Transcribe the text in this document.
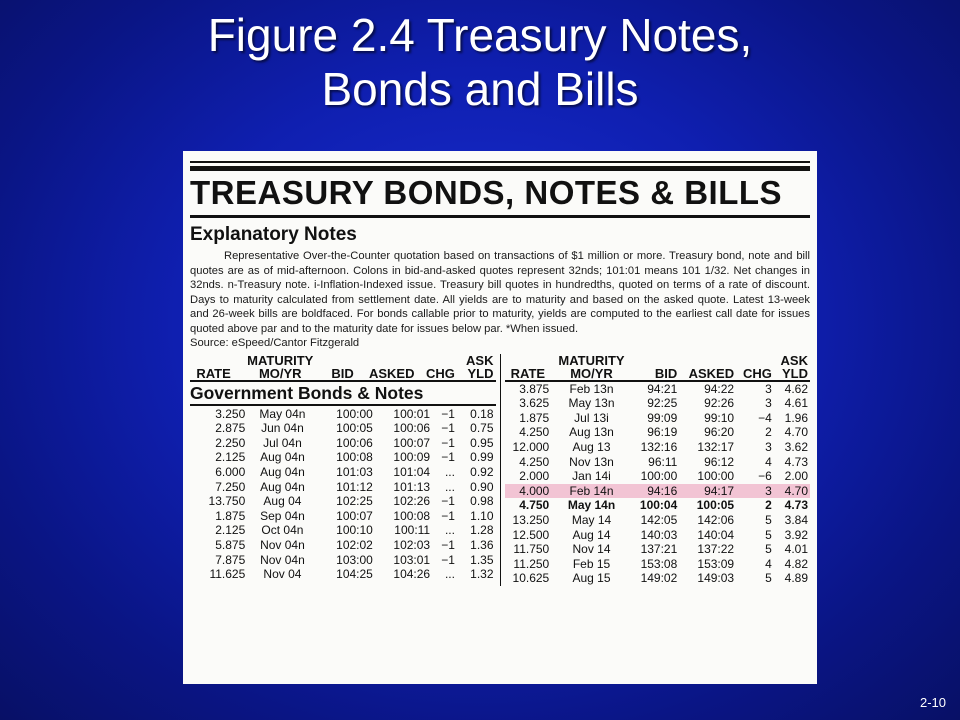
Figure 2.4 Treasury Notes,
Bonds and Bills
TREASURY BONDS, NOTES & BILLS
Explanatory Notes
Representative Over-the-Counter quotation based on transactions of $1 million or more. Treasury bond, note and bill quotes are as of mid-afternoon. Colons in bid-and-asked quotes represent 32nds; 101:01 means 101 1/32. Net changes in 32nds. n-Treasury note. i-Inflation-Indexed issue. Treasury bill quotes in hundredths, quoted on terms of a rate of discount. Days to maturity calculated from settlement date. All yields are to maturity and based on the asked quote. Latest 13-week and 26-week bills are boldfaced. For bonds callable prior to maturity, yields are computed to the earliest call date for issues quoted above par and to the maturity date for issues below par. *When issued.
Source: eSpeed/Cantor Fitzgerald
RATE	MATURITY
MO/YR	BID	ASKED	CHG	ASK
YLD
Government Bonds & Notes
3.250	May 04n	100:00	100:01	−1	0.18
2.875	Jun 04n	100:05	100:06	−1	0.75
2.250	Jul 04n	100:06	100:07	−1	0.95
2.125	Aug 04n	100:08	100:09	−1	0.99
6.000	Aug 04n	101:03	101:04	...	0.92
7.250	Aug 04n	101:12	101:13	...	0.90
13.750	Aug 04	102:25	102:26	−1	0.98
1.875	Sep 04n	100:07	100:08	−1	1.10
2.125	Oct 04n	100:10	100:11	...	1.28
5.875	Nov 04n	102:02	102:03	−1	1.36
7.875	Nov 04n	103:00	103:01	−1	1.35
11.625	Nov 04	104:25	104:26	...	1.32
RATE	MATURITY
MO/YR	BID	ASKED	CHG	ASK
YLD
3.875	Feb 13n	94:21	94:22	3	4.62
3.625	May 13n	92:25	92:26	3	4.61
1.875	Jul 13i	99:09	99:10	−4	1.96
4.250	Aug 13n	96:19	96:20	2	4.70
12.000	Aug 13	132:16	132:17	3	3.62
4.250	Nov 13n	96:11	96:12	4	4.73
2.000	Jan 14i	100:00	100:00	−6	2.00
4.000	Feb 14n	94:16	94:17	3	4.70
4.750	May 14n	100:04	100:05	2	4.73
13.250	May 14	142:05	142:06	5	3.84
12.500	Aug 14	140:03	140:04	5	3.92
11.750	Nov 14	137:21	137:22	5	4.01
11.250	Feb 15	153:08	153:09	4	4.82
10.625	Aug 15	149:02	149:03	5	4.89
2-10
